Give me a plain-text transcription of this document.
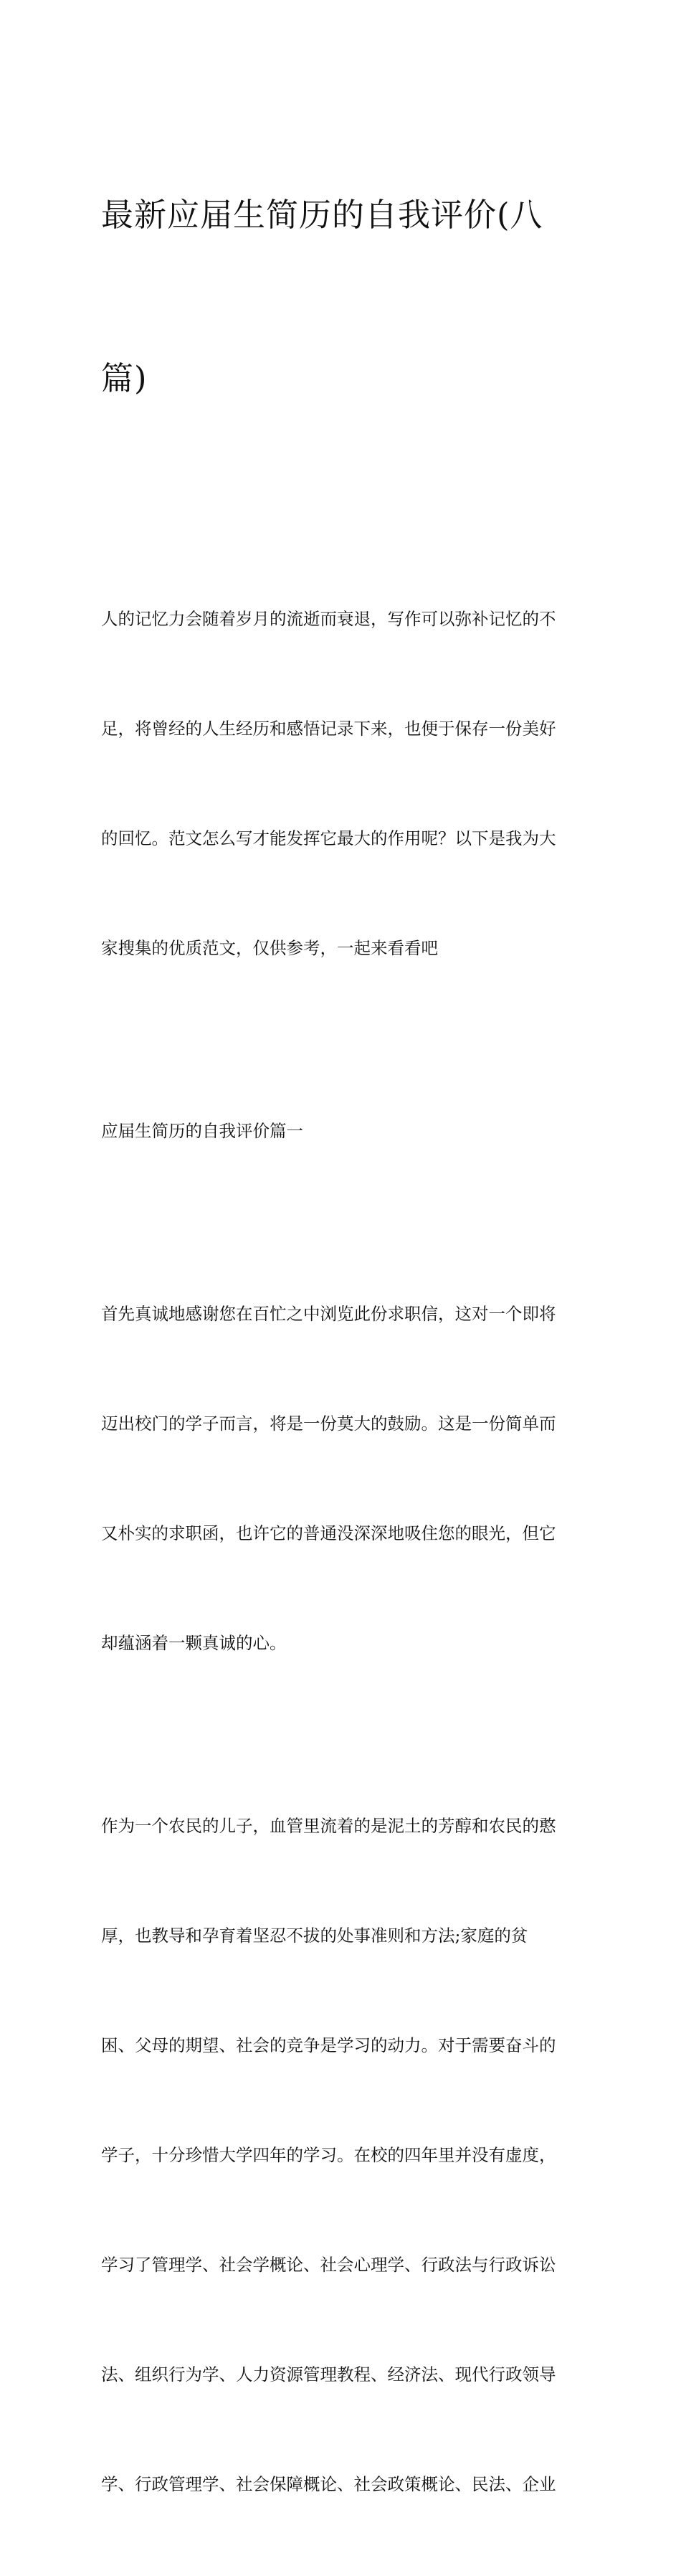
最新应届生简历的自我评价(八

篇)

人的记忆力会随着岁月的流逝而衰退，写作可以弥补记忆的不

足，将曾经的人生经历和感悟记录下来，也便于保存一份美好

的回忆。范文怎么写才能发挥它最大的作用呢？以下是我为大

家搜集的优质范文，仅供参考，一起来看看吧

应届生简历的自我评价篇一

首先真诚地感谢您在百忙之中浏览此份求职信，这对一个即将

迈出校门的学子而言，将是一份莫大的鼓励。这是一份简单而

又朴实的求职函，也许它的普通没深深地吸住您的眼光，但它

却蕴涵着一颗真诚的心。

作为一个农民的儿子，血管里流着的是泥土的芳醇和农民的憨

厚，也教导和孕育着坚忍不拔的处事准则和方法;家庭的贫

困、父母的期望、社会的竞争是学习的动力。对于需要奋斗的

学子，十分珍惜大学四年的学习。在校的四年里并没有虚度，

学习了管理学、社会学概论、社会心理学、行政法与行政诉讼

法、组织行为学、人力资源管理教程、经济法、现代行政领导

学、行政管理学、社会保障概论、社会政策概论、民法、企业
